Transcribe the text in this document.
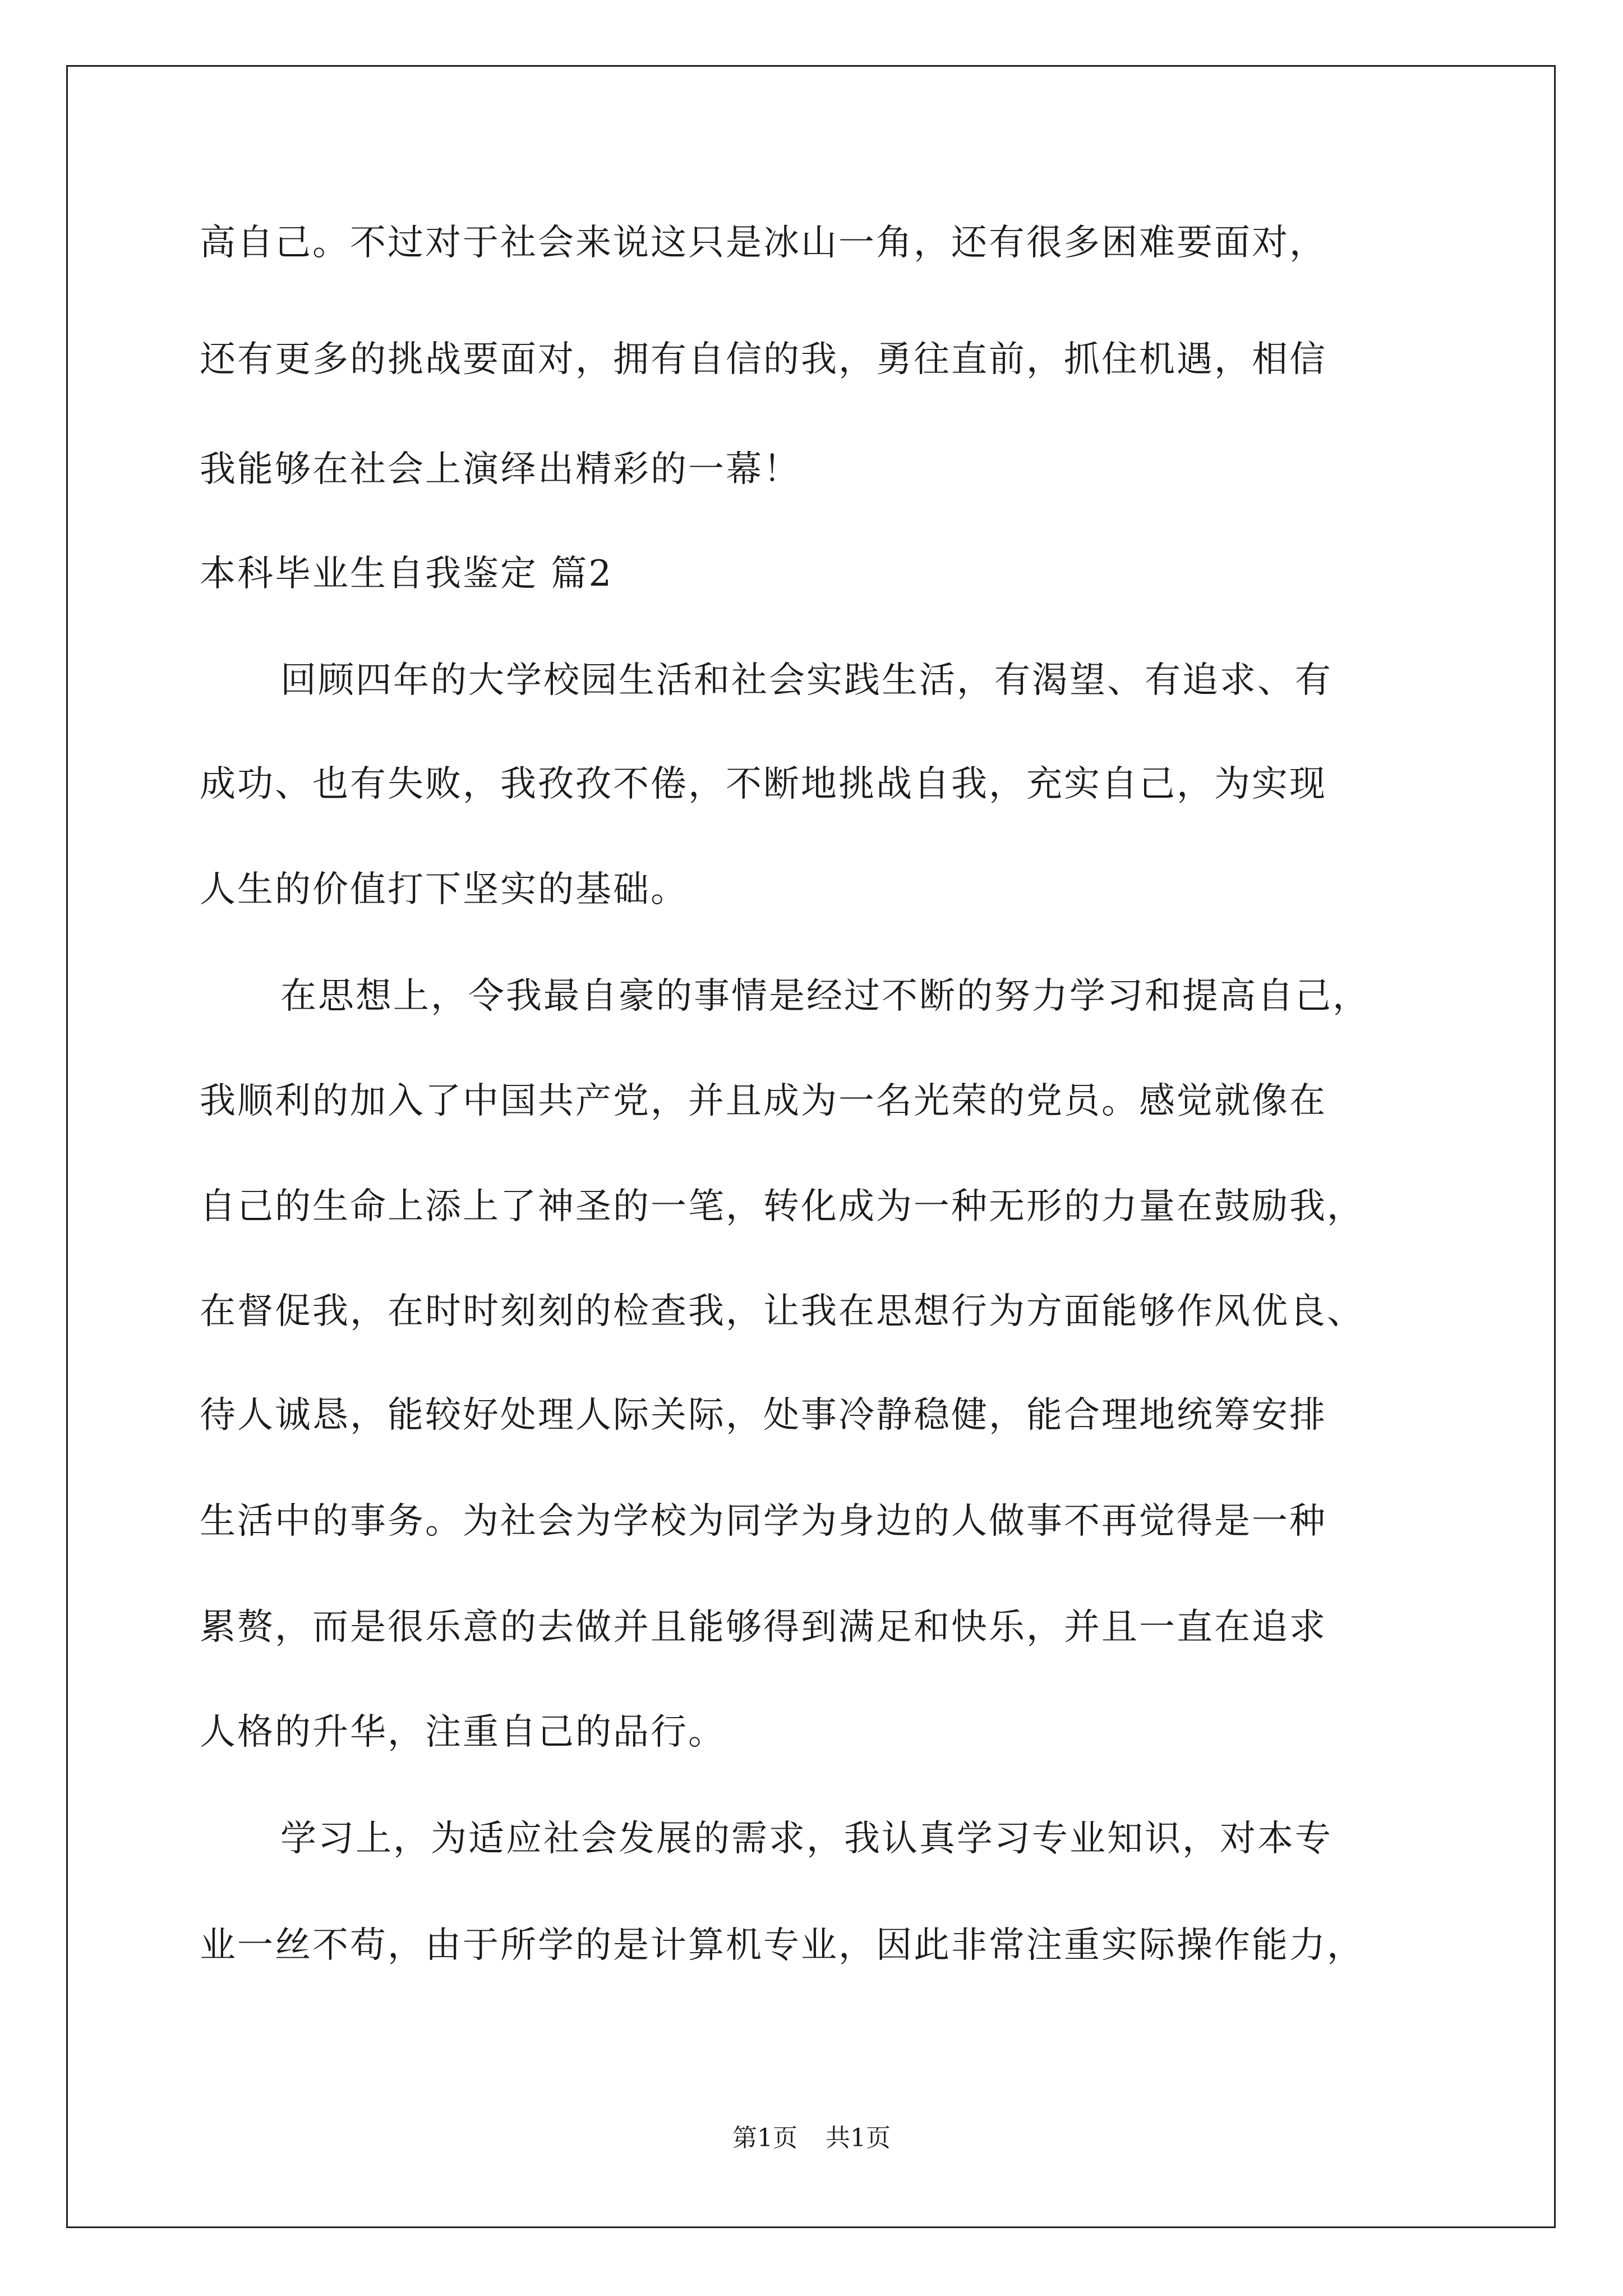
高自己。不过对于社会来说这只是冰山一角，还有很多困难要面对，
还有更多的挑战要面对，拥有自信的我，勇往直前，抓住机遇，相信
我能够在社会上演绎出精彩的一幕！
本科毕业生自我鉴定 篇2
回顾四年的大学校园生活和社会实践生活，有渴望、有追求、有
成功、也有失败，我孜孜不倦，不断地挑战自我，充实自己，为实现
人生的价值打下坚实的基础。
在思想上，令我最自豪的事情是经过不断的努力学习和提高自己，
我顺利的加入了中国共产党，并且成为一名光荣的党员。感觉就像在
自己的生命上添上了神圣的一笔，转化成为一种无形的力量在鼓励我，
在督促我，在时时刻刻的检查我，让我在思想行为方面能够作风优良、
待人诚恳，能较好处理人际关际，处事冷静稳健，能合理地统筹安排
生活中的事务。为社会为学校为同学为身边的人做事不再觉得是一种
累赘，而是很乐意的去做并且能够得到满足和快乐，并且一直在追求
人格的升华，注重自己的品行。
学习上，为适应社会发展的需求，我认真学习专业知识，对本专
业一丝不苟，由于所学的是计算机专业，因此非常注重实际操作能力，
第1页 共1页
